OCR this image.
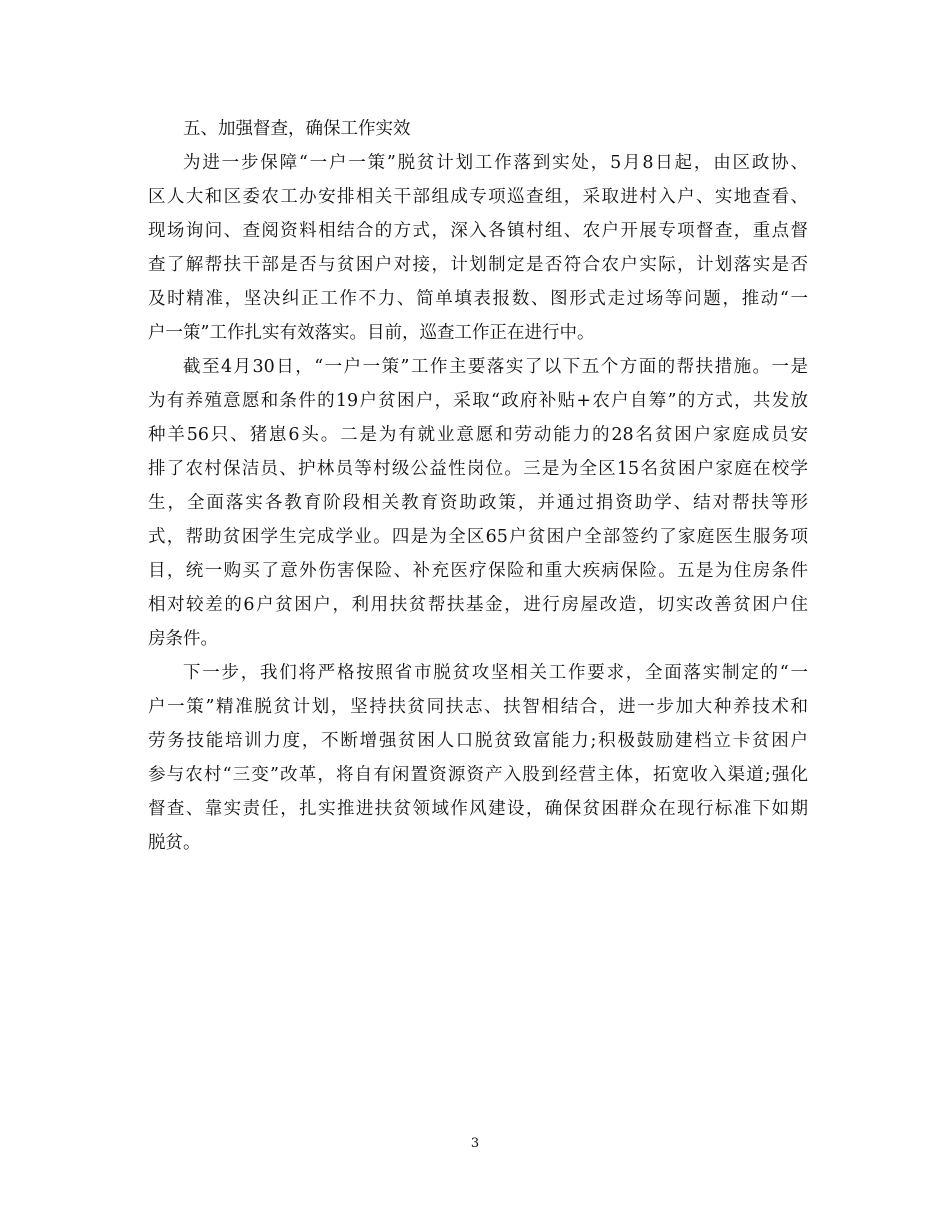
五、加强督查，确保工作实效
为进一步保障“一户一策”脱贫计划工作落到实处，5月8日起，由区政协、
区人大和区委农工办安排相关干部组成专项巡查组，采取进村入户、实地查看、
现场询问、查阅资料相结合的方式，深入各镇村组、农户开展专项督查，重点督
查了解帮扶干部是否与贫困户对接，计划制定是否符合农户实际，计划落实是否
及时精准，坚决纠正工作不力、简单填表报数、图形式走过场等问题，推动“一
户一策”工作扎实有效落实。目前，巡查工作正在进行中。
截至4月30日，“一户一策”工作主要落实了以下五个方面的帮扶措施。一是
为有养殖意愿和条件的19户贫困户，采取“政府补贴+农户自筹”的方式，共发放
种羊56只、猪崽6头。二是为有就业意愿和劳动能力的28名贫困户家庭成员安
排了农村保洁员、护林员等村级公益性岗位。三是为全区15名贫困户家庭在校学
生，全面落实各教育阶段相关教育资助政策，并通过捐资助学、结对帮扶等形
式，帮助贫困学生完成学业。四是为全区65户贫困户全部签约了家庭医生服务项
目，统一购买了意外伤害保险、补充医疗保险和重大疾病保险。五是为住房条件
相对较差的6户贫困户，利用扶贫帮扶基金，进行房屋改造，切实改善贫困户住
房条件。
下一步，我们将严格按照省市脱贫攻坚相关工作要求，全面落实制定的“一
户一策”精准脱贫计划，坚持扶贫同扶志、扶智相结合，进一步加大种养技术和
劳务技能培训力度，不断增强贫困人口脱贫致富能力;积极鼓励建档立卡贫困户
参与农村“三变”改革，将自有闲置资源资产入股到经营主体，拓宽收入渠道;强化
督查、靠实责任，扎实推进扶贫领域作风建设，确保贫困群众在现行标准下如期
脱贫。
3
